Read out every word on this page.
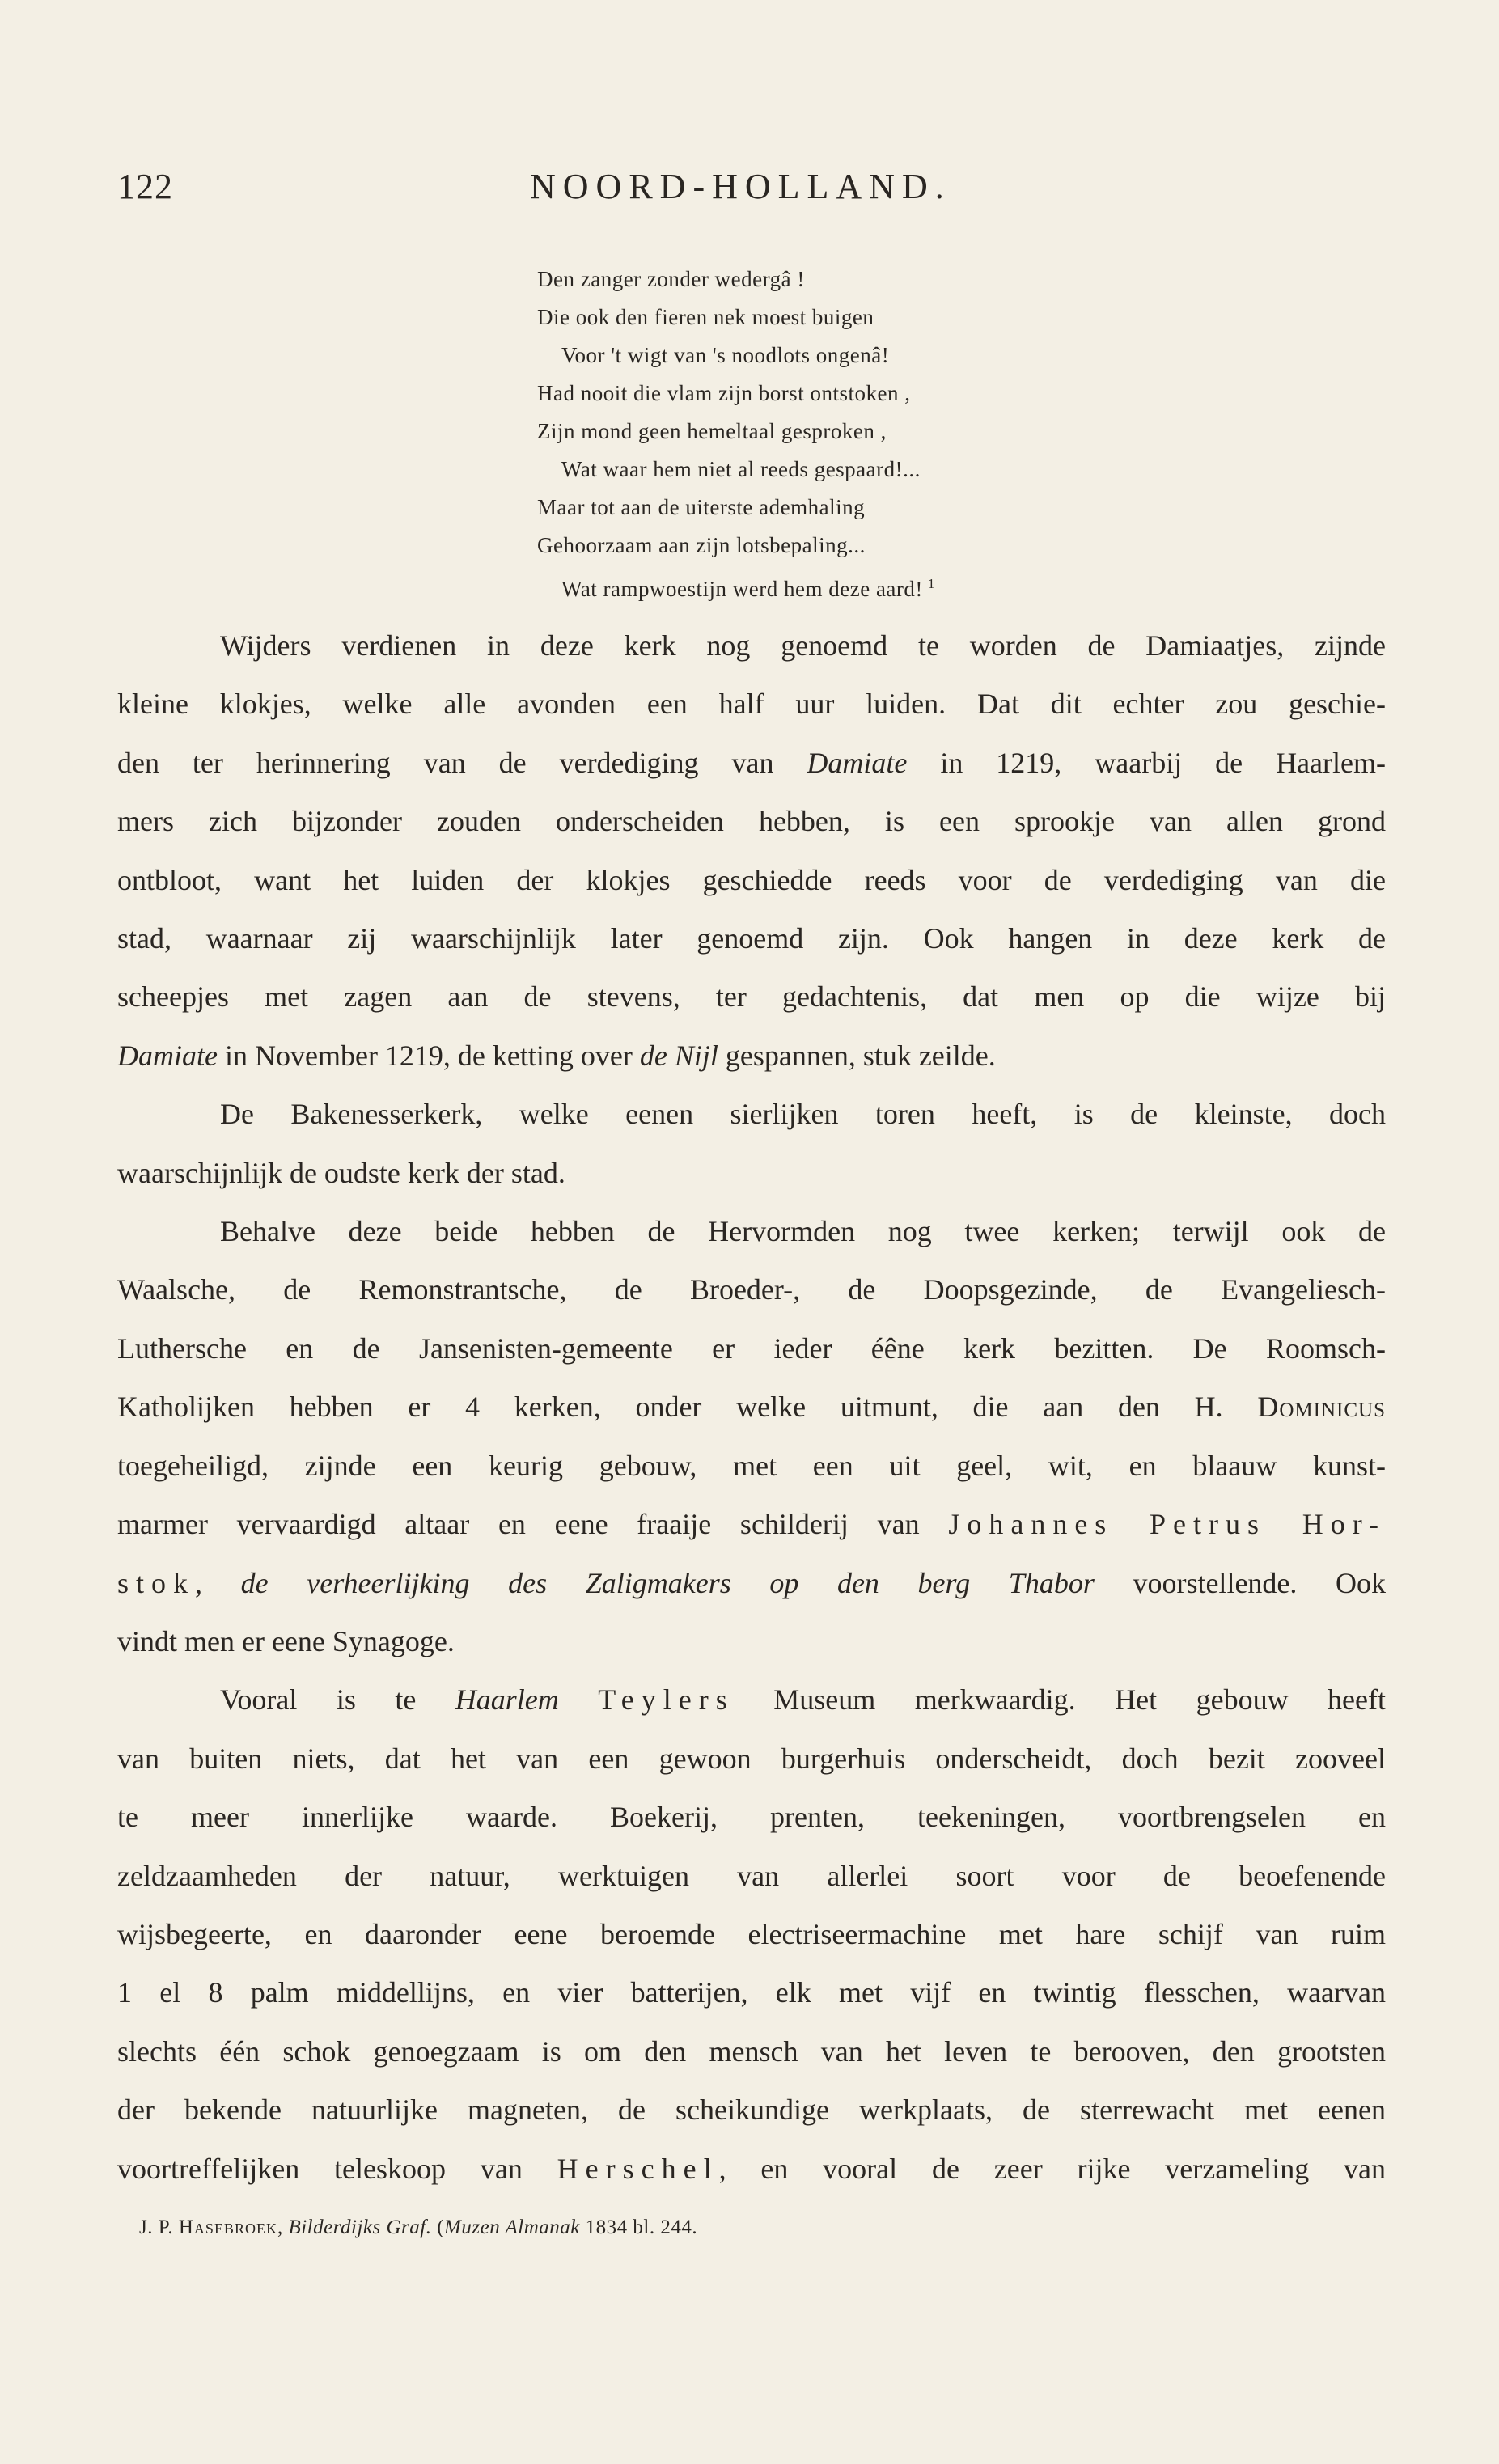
122	NOORD-HOLLAND.
Den zanger zonder wedergâ !
Die ook den fieren nek moest buigen
Voor 't wigt van 's noodlots ongenâ!
Had nooit die vlam zijn borst ontstoken ,
Zijn mond geen hemeltaal gesproken ,
Wat waar hem niet al reeds gespaard!...
Maar tot aan de uiterste ademhaling
Gehoorzaam aan zijn lotsbepaling...
Wat rampwoestijn werd hem deze aard! $^1$
Wijders verdienen in deze kerk nog genoemd te worden de Damiaatjes, zijnde
kleine klokjes, welke alle avonden een half uur luiden. Dat dit echter zou geschie-
den ter herinnering van de verdediging van Damiate in 1219, waarbij de Haarlem-
mers zich bijzonder zouden onderscheiden hebben, is een sprookje van allen grond
ontbloot, want het luiden der klokjes geschiedde reeds voor de verdediging van die
stad, waarnaar zij waarschijnlijk later genoemd zijn. Ook hangen in deze kerk de
scheepjes met zagen aan de stevens, ter gedachtenis, dat men op die wijze bij
Damiate in November 1219, de ketting over de Nijl gespannen, stuk zeilde.
De Bakenesserkerk, welke eenen sierlijken toren heeft, is de kleinste, doch
waarschijnlijk de oudste kerk der stad.
Behalve deze beide hebben de Hervormden nog twee kerken; terwijl ook de
Waalsche, de Remonstrantsche, de Broeder-, de Doopsgezinde, de Evangeliesch-
Luthersche en de Jansenisten-gemeente er ieder éêne kerk bezitten. De Roomsch-
Katholijken hebben er 4 kerken, onder welke uitmunt, die aan den H. Dominicus
toegeheiligd, zijnde een keurig gebouw, met een uit geel, wit, en blaauw kunst-
marmer vervaardigd altaar en eene fraaije schilderij van Johannes Petrus Hor-
stok, de verheerlijking des Zaligmakers op den berg Thabor voorstellende. Ook
vindt men er eene Synagoge.
Vooral is te Haarlem Teylers Museum merkwaardig. Het gebouw heeft
van buiten niets, dat het van een gewoon burgerhuis onderscheidt, doch bezit zooveel
te meer innerlijke waarde. Boekerij, prenten, teekeningen, voortbrengselen en
zeldzaamheden der natuur, werktuigen van allerlei soort voor de beoefenende
wijsbegeerte, en daaronder eene beroemde electriseermachine met hare schijf van ruim
1 el 8 palm middellijns, en vier batterijen, elk met vijf en twintig flesschen, waarvan
slechts één schok genoegzaam is om den mensch van het leven te berooven, den grootsten
der bekende natuurlijke magneten, de scheikundige werkplaats, de sterrewacht met eenen
voortreffelijken teleskoop van Herschel, en vooral de zeer rijke verzameling van
J. P. Hasebroek, Bilderdijks Graf. (Muzen Almanak 1834 bl. 244.
